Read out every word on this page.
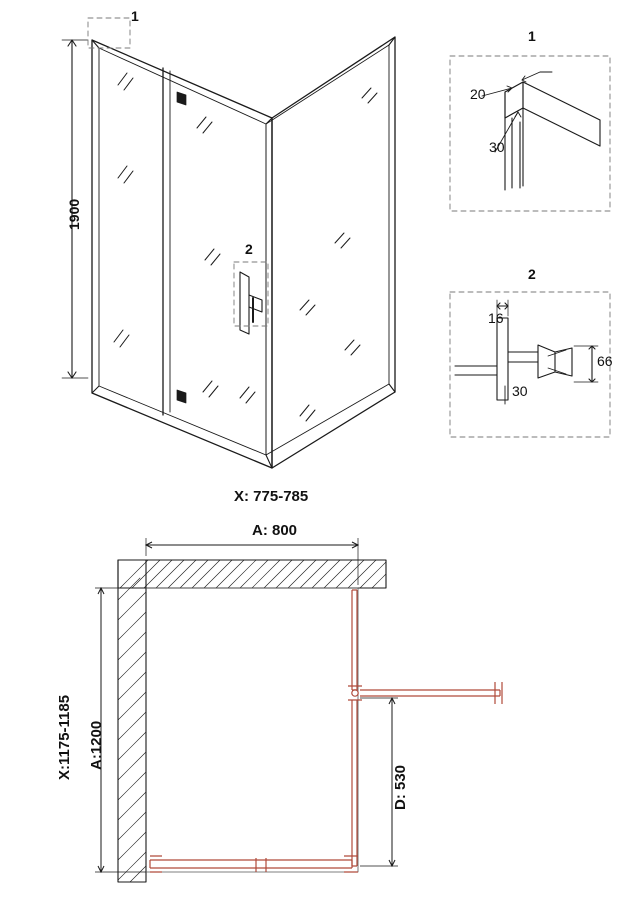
1
2
1900
1
20
30
2
16
30
66
X: 775-785
A: 800
X:1175-1185 A:1200
D: 530
